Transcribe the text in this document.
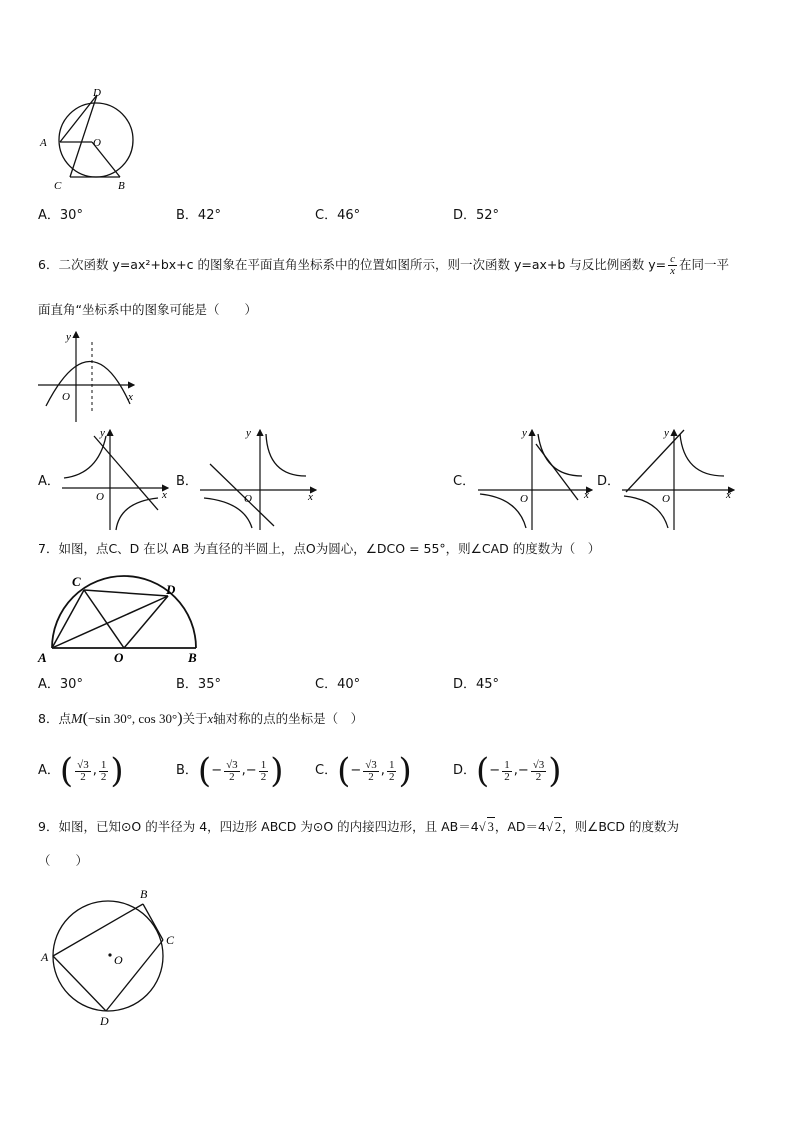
D
A	O
C	B
A．30°	B．42°	C．46°	D．52°
6．二次函数 y=ax²+bx+c 的图象在平面直角坐标系中的位置如图所示，则一次函数 y=ax+b 与反比例函数 $y= \frac{c}{x}$ 在同一平
面直角“坐标系中的图象可能是（　　）
y
x
O
A．
y
x
O
B．
y
x
O
C．
y
x
O
D．
y
x
O
7．如图，点C、D 在以 AB 为直径的半圆上，点O为圆心，∠DCO = 55°，则∠CAD 的度数为（　）
C
D
A	O	B
A．30°	B．35°	C．40°	D．45°
8．点M(−sin 30°, cos 30°)关于x轴对称的点的坐标是（　）
A． ( $\frac{√3}{2}$ , $\frac{1}{2}$ )	B． ( − $\frac{√3}{2}$ , − $\frac{1}{2}$ ) C． ( − $\frac{√3}{2}$ , $\frac{1}{2}$ )	D． ( − $\frac{1}{2}$ , − $\frac{√3}{2}$ )
9．如图，已知⊙O 的半径为 4，四边形 ABCD 为⊙O 的内接四边形，且 AB＝4√ 3，AD＝4√ 2，则∠BCD 的度数为
（　　）
B
C
A	O
D
